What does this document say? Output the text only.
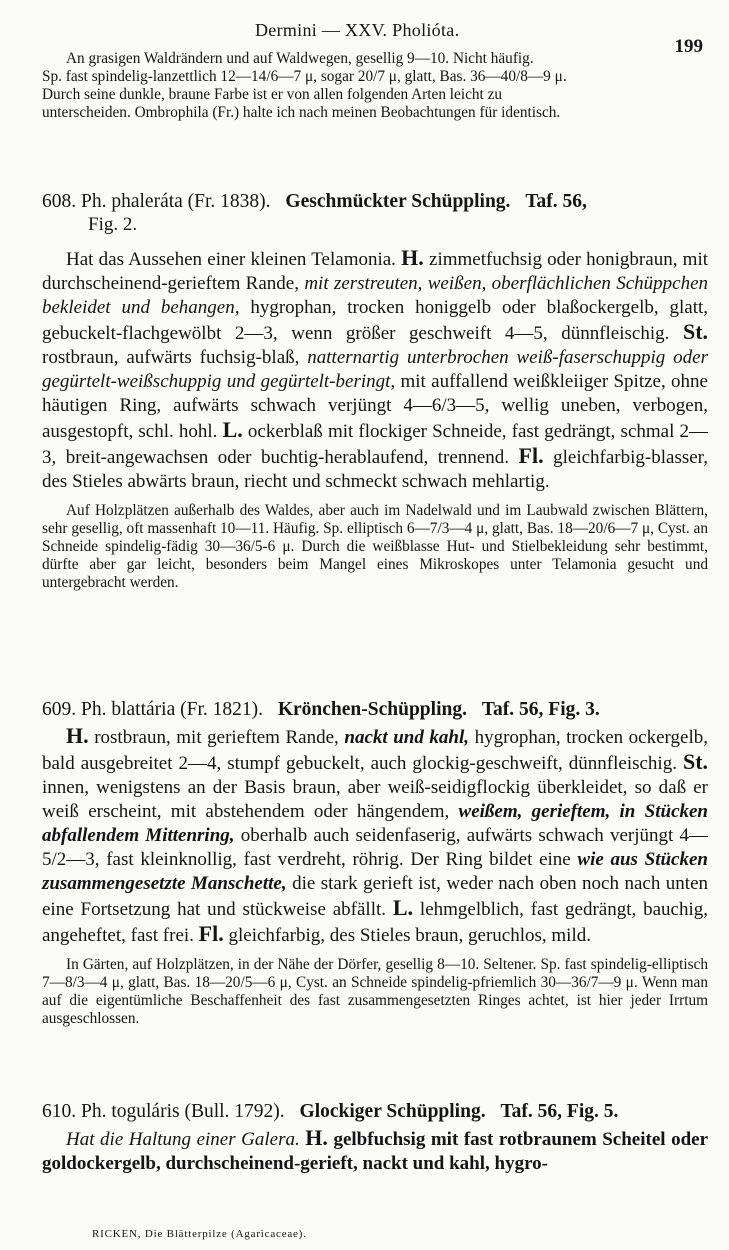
Dermini — XXV. Pholióta.
199

An grasigen Waldrändern und auf Waldwegen, gesellig 9—10. Nicht häufig.

Sp. fast spindelig-lanzettlich 12—14/6—7 μ, sogar 20/7 μ, glatt, Bas. 36—40/8—9 μ.

Durch seine dunkle, braune Farbe ist er von allen folgenden Arten leicht zu

unterscheiden. Ombrophila (Fr.) halte ich nach meinen Beobachtungen für identisch.

608. Ph. phaleráta (Fr. 1838). Geschmückter Schüppling. Taf. 56,
Fig. 2.
Hat das Aussehen einer kleinen Telamonia. H. zimmetfuchsig oder honigbraun, mit durchscheinend-gerieftem Rande, mit zerstreuten, weißen, oberflächlichen Schüppchen bekleidet und behangen, hygrophan, trocken honiggelb oder blaßockergelb, glatt, gebuckelt-flachgewölbt 2—3, wenn größer geschweift 4—5, dünnfleischig. St. rostbraun, aufwärts fuchsig-blaß, natternartig unterbrochen weiß-faserschuppig oder gegürtelt-weißschuppig und gegürtelt-beringt, mit auffallend weißkleiiger Spitze, ohne häutigen Ring, aufwärts schwach verjüngt 4—6/3—5, wellig uneben, verbogen, ausgestopft, schl. hohl. L. ockerblaß mit flockiger Schneide, fast gedrängt, schmal 2—3, breit-angewachsen oder buchtig-herablaufend, trennend. Fl. gleichfarbig-blasser, des Stieles abwärts braun, riecht und schmeckt schwach mehlartig.
Auf Holzplätzen außerhalb des Waldes, aber auch im Nadelwald und im Laubwald zwischen Blättern, sehr gesellig, oft massenhaft 10—11. Häufig. Sp. elliptisch 6—7/3—4 μ, glatt, Bas. 18—20/6—7 μ, Cyst. an Schneide spindelig-fädig 30—36/5-6 μ. Durch die weißblasse Hut- und Stielbekleidung sehr bestimmt, dürfte aber gar leicht, besonders beim Mangel eines Mikroskopes unter Telamonia gesucht und untergebracht werden.
609. Ph. blattária (Fr. 1821). Krönchen-Schüppling. Taf. 56, Fig. 3.
H. rostbraun, mit gerieftem Rande, nackt und kahl, hygrophan, trocken ockergelb, bald ausgebreitet 2—4, stumpf gebuckelt, auch glockig-geschweift, dünnfleischig. St. innen, wenigstens an der Basis braun, aber weiß-seidigflockig überkleidet, so daß er weiß erscheint, mit abstehendem oder hängendem, weißem, gerieftem, in Stücken abfallendem Mittenring, oberhalb auch seidenfaserig, aufwärts schwach verjüngt 4—5/2—3, fast kleinknollig, fast verdreht, röhrig. Der Ring bildet eine wie aus Stücken zusammengesetzte Manschette, die stark gerieft ist, weder nach oben noch nach unten eine Fortsetzung hat und stückweise abfällt. L. lehmgelblich, fast gedrängt, bauchig, angeheftet, fast frei. Fl. gleichfarbig, des Stieles braun, geruchlos, mild.
In Gärten, auf Holzplätzen, in der Nähe der Dörfer, gesellig 8—10. Seltener. Sp. fast spindelig-elliptisch 7—8/3—4 μ, glatt, Bas. 18—20/5—6 μ, Cyst. an Schneide spindelig-pfriemlich 30—36/7—9 μ. Wenn man auf die eigentümliche Beschaffenheit des fast zusammengesetzten Ringes achtet, ist hier jeder Irrtum ausgeschlossen.
610. Ph. toguláris (Bull. 1792). Glockiger Schüppling. Taf. 56, Fig. 5.
Hat die Haltung einer Galera. H. gelbfuchsig mit fast rotbraunem Scheitel oder goldockergelb, durchscheinend-gerieft, nackt und kahl, hygro-
RICKEN, Die Blätterpilze (Agaricaceae).
